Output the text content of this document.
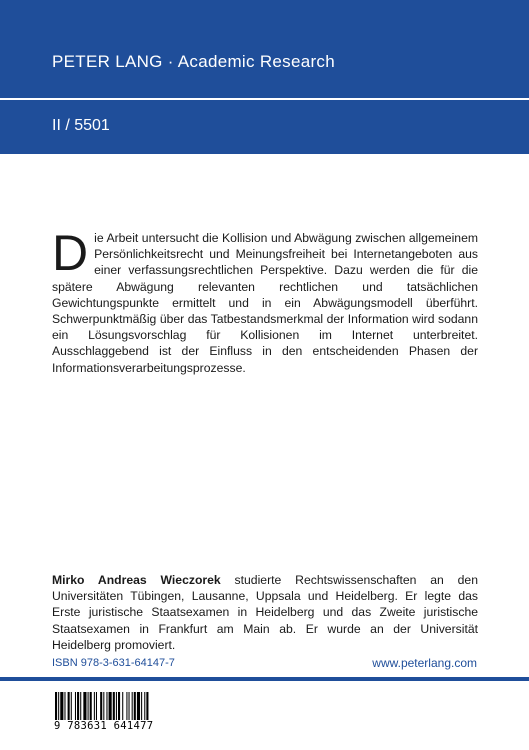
PETER LANG · Academic Research
II / 5501
Die Arbeit untersucht die Kollision und Abwägung zwischen allgemeinem Persönlichkeitsrecht und Meinungsfreiheit bei Internetangeboten aus einer verfassungsrechtlichen Perspektive. Dazu werden die für die spätere Abwägung relevanten rechtlichen und tatsächlichen Gewichtungspunkte ermittelt und in ein Abwägungsmodell überführt. Schwerpunktmäßig über das Tatbestandsmerkmal der Information wird sodann ein Lösungsvorschlag für Kollisionen im Internet unterbreitet. Ausschlaggebend ist der Einfluss in den entscheidenden Phasen der Informationsverarbeitungsprozesse.
Mirko Andreas Wieczorek studierte Rechtswissenschaften an den Universitäten Tübingen, Lausanne, Uppsala und Heidelberg. Er legte das Erste juristische Staatsexamen in Heidelberg und das Zweite juristische Staatsexamen in Frankfurt am Main ab. Er wurde an der Universität Heidelberg promoviert.
ISBN 978-3-631-64147-7	www.peterlang.com
9 783631 641477
